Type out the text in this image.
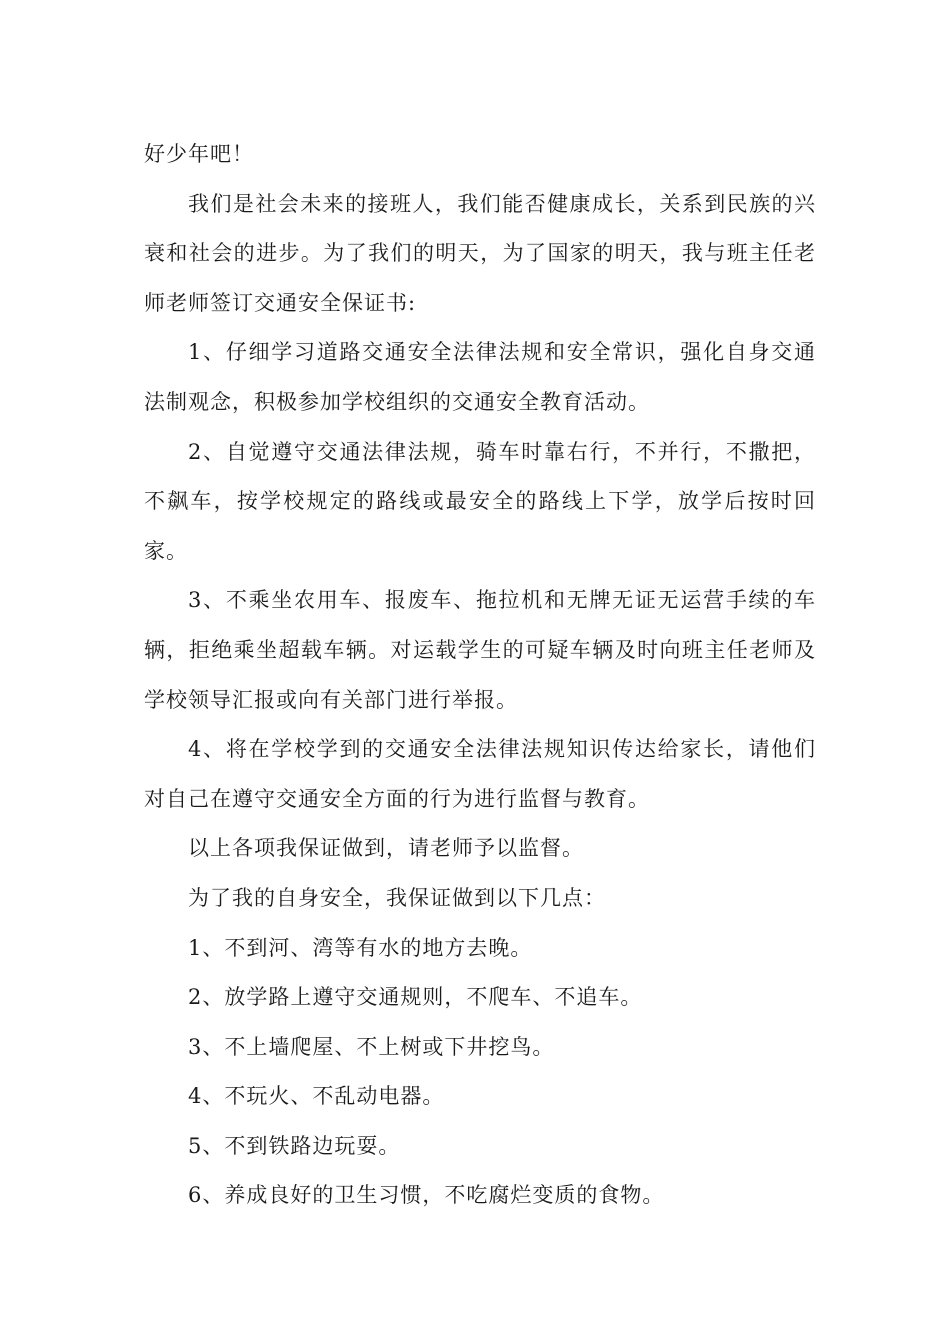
好少年吧！

我们是社会未来的接班人，我们能否健康成长，关系到民族的兴衰和社会的进步。为了我们的明天，为了国家的明天，我与班主任老师老师签订交通安全保证书:

1、仔细学习道路交通安全法律法规和安全常识，强化自身交通法制观念，积极参加学校组织的交通安全教育活动。

2、自觉遵守交通法律法规，骑车时靠右行，不并行，不撒把，不飙车，按学校规定的路线或最安全的路线上下学，放学后按时回家。

3、不乘坐农用车、报废车、拖拉机和无牌无证无运营手续的车辆，拒绝乘坐超载车辆。对运载学生的可疑车辆及时向班主任老师及学校领导汇报或向有关部门进行举报。

4、将在学校学到的交通安全法律法规知识传达给家长，请他们对自己在遵守交通安全方面的行为进行监督与教育。

以上各项我保证做到，请老师予以监督。

为了我的自身安全，我保证做到以下几点：

1、不到河、湾等有水的地方去晚。

2、放学路上遵守交通规则，不爬车、不追车。

3、不上墙爬屋、不上树或下井挖鸟。

4、不玩火、不乱动电器。

5、不到铁路边玩耍。

6、养成良好的卫生习惯，不吃腐烂变质的食物。
